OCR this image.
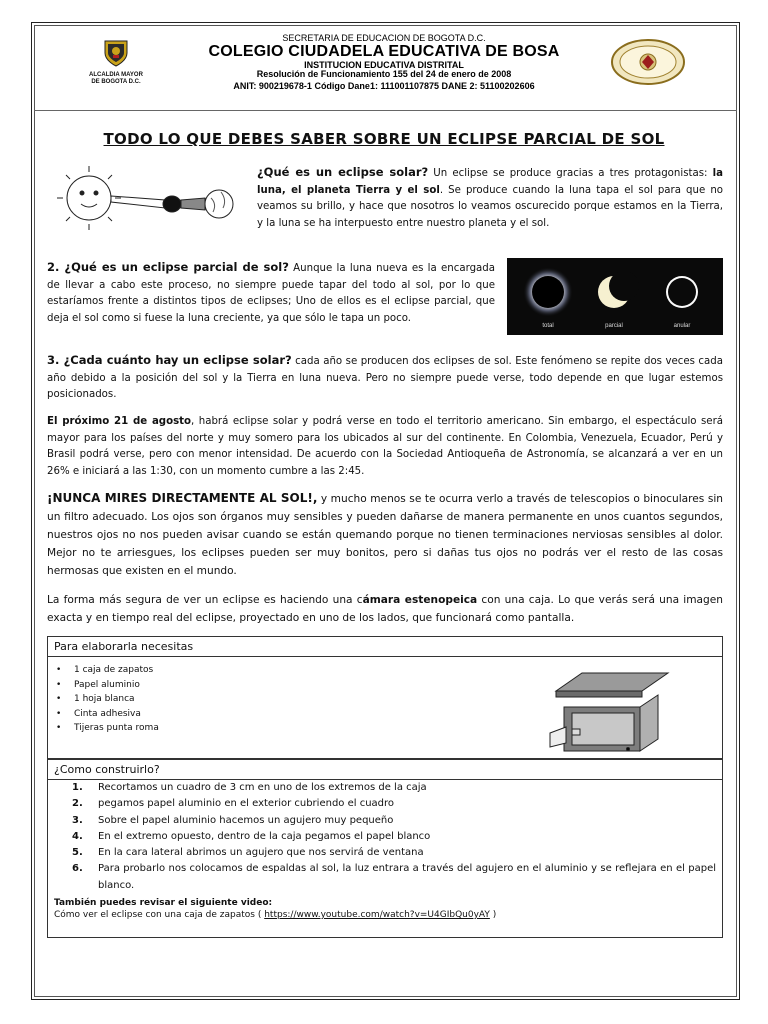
ALCALDIA MAYOR
DE BOGOTA D.C.
SECRETARIA DE EDUCACION DE BOGOTA D.C.
COLEGIO CIUDADELA EDUCATIVA DE BOSA
INSTITUCION EDUCATIVA DISTRITAL
Resolución de Funcionamiento 155 del 24 de enero de 2008
ANIT: 900219678-1 Código Dane1: 111001107875 DANE 2: 51100202606
TODO LO QUE DEBES SABER SOBRE UN ECLIPSE PARCIAL DE SOL
¿Qué es un eclipse solar? Un eclipse se produce gracias a tres protagonistas: la luna, el planeta Tierra y el sol. Se produce cuando la luna tapa el sol para que no veamos su brillo, y hace que nosotros lo veamos oscurecido porque estamos en la Tierra, y la luna se ha interpuesto entre nuestro planeta y el sol.
2. ¿Qué es un eclipse parcial de sol? Aunque la luna nueva es la encargada de llevar a cabo este proceso, no siempre puede tapar del todo al sol, por lo que estaríamos frente a distintos tipos de eclipses; Uno de ellos es el eclipse parcial, que deja el sol como si fuese la luna creciente, ya que sólo le tapa un poco.
total	parcial	anular
3. ¿Cada cuánto hay un eclipse solar? cada año se producen dos eclipses de sol. Este fenómeno se repite dos veces cada año debido a la posición del sol y la Tierra en luna nueva. Pero no siempre puede verse, todo depende en que lugar estemos posicionados.
El próximo 21 de agosto, habrá eclipse solar y podrá verse en todo el territorio americano. Sin embargo, el espectáculo será mayor para los países del norte y muy somero para los ubicados al sur del continente. En Colombia, Venezuela, Ecuador, Perú y Brasil podrá verse, pero con menor intensidad. De acuerdo con la Sociedad Antioqueña de Astronomía, se alcanzará a ver en un 26% e iniciará a las 1:30, con un momento cumbre a las 2:45.
¡NUNCA MIRES DIRECTAMENTE AL SOL!, y mucho menos se te ocurra verlo a través de telescopios o binoculares sin un filtro adecuado. Los ojos son órganos muy sensibles y pueden dañarse de manera permanente en unos cuantos segundos, nuestros ojos no nos pueden avisar cuando se están quemando porque no tienen terminaciones nerviosas sensibles al dolor. Mejor no te arriesgues, los eclipses pueden ser muy bonitos, pero si dañas tus ojos no podrás ver el resto de las cosas hermosas que existen en el mundo.
La forma más segura de ver un eclipse es haciendo una cámara estenopeica con una caja. Lo que verás será una imagen exacta y en tiempo real del eclipse, proyectado en uno de los lados, que funcionará como pantalla.
Para elaborarla necesitas
• 1 caja de zapatos
• Papel aluminio
• 1 hoja blanca
• Cinta adhesiva
• Tijeras punta roma
¿Como construirlo?
1.	Recortamos un cuadro de 3 cm en uno de los extremos de la caja
2.	pegamos papel aluminio en el exterior cubriendo el cuadro
3.	Sobre el papel aluminio hacemos un agujero muy pequeño
4.	En el extremo opuesto, dentro de la caja pegamos el papel blanco
5.	En la cara lateral abrimos un agujero que nos servirá de ventana
6.	Para probarlo nos colocamos de espaldas al sol, la luz entrara a través del agujero en el aluminio y se reflejara en el papel blanco.
También puedes revisar el siguiente video:
Cómo ver el eclipse con una caja de zapatos ( https://www.youtube.com/watch?v=U4GIbQu0yAY )
